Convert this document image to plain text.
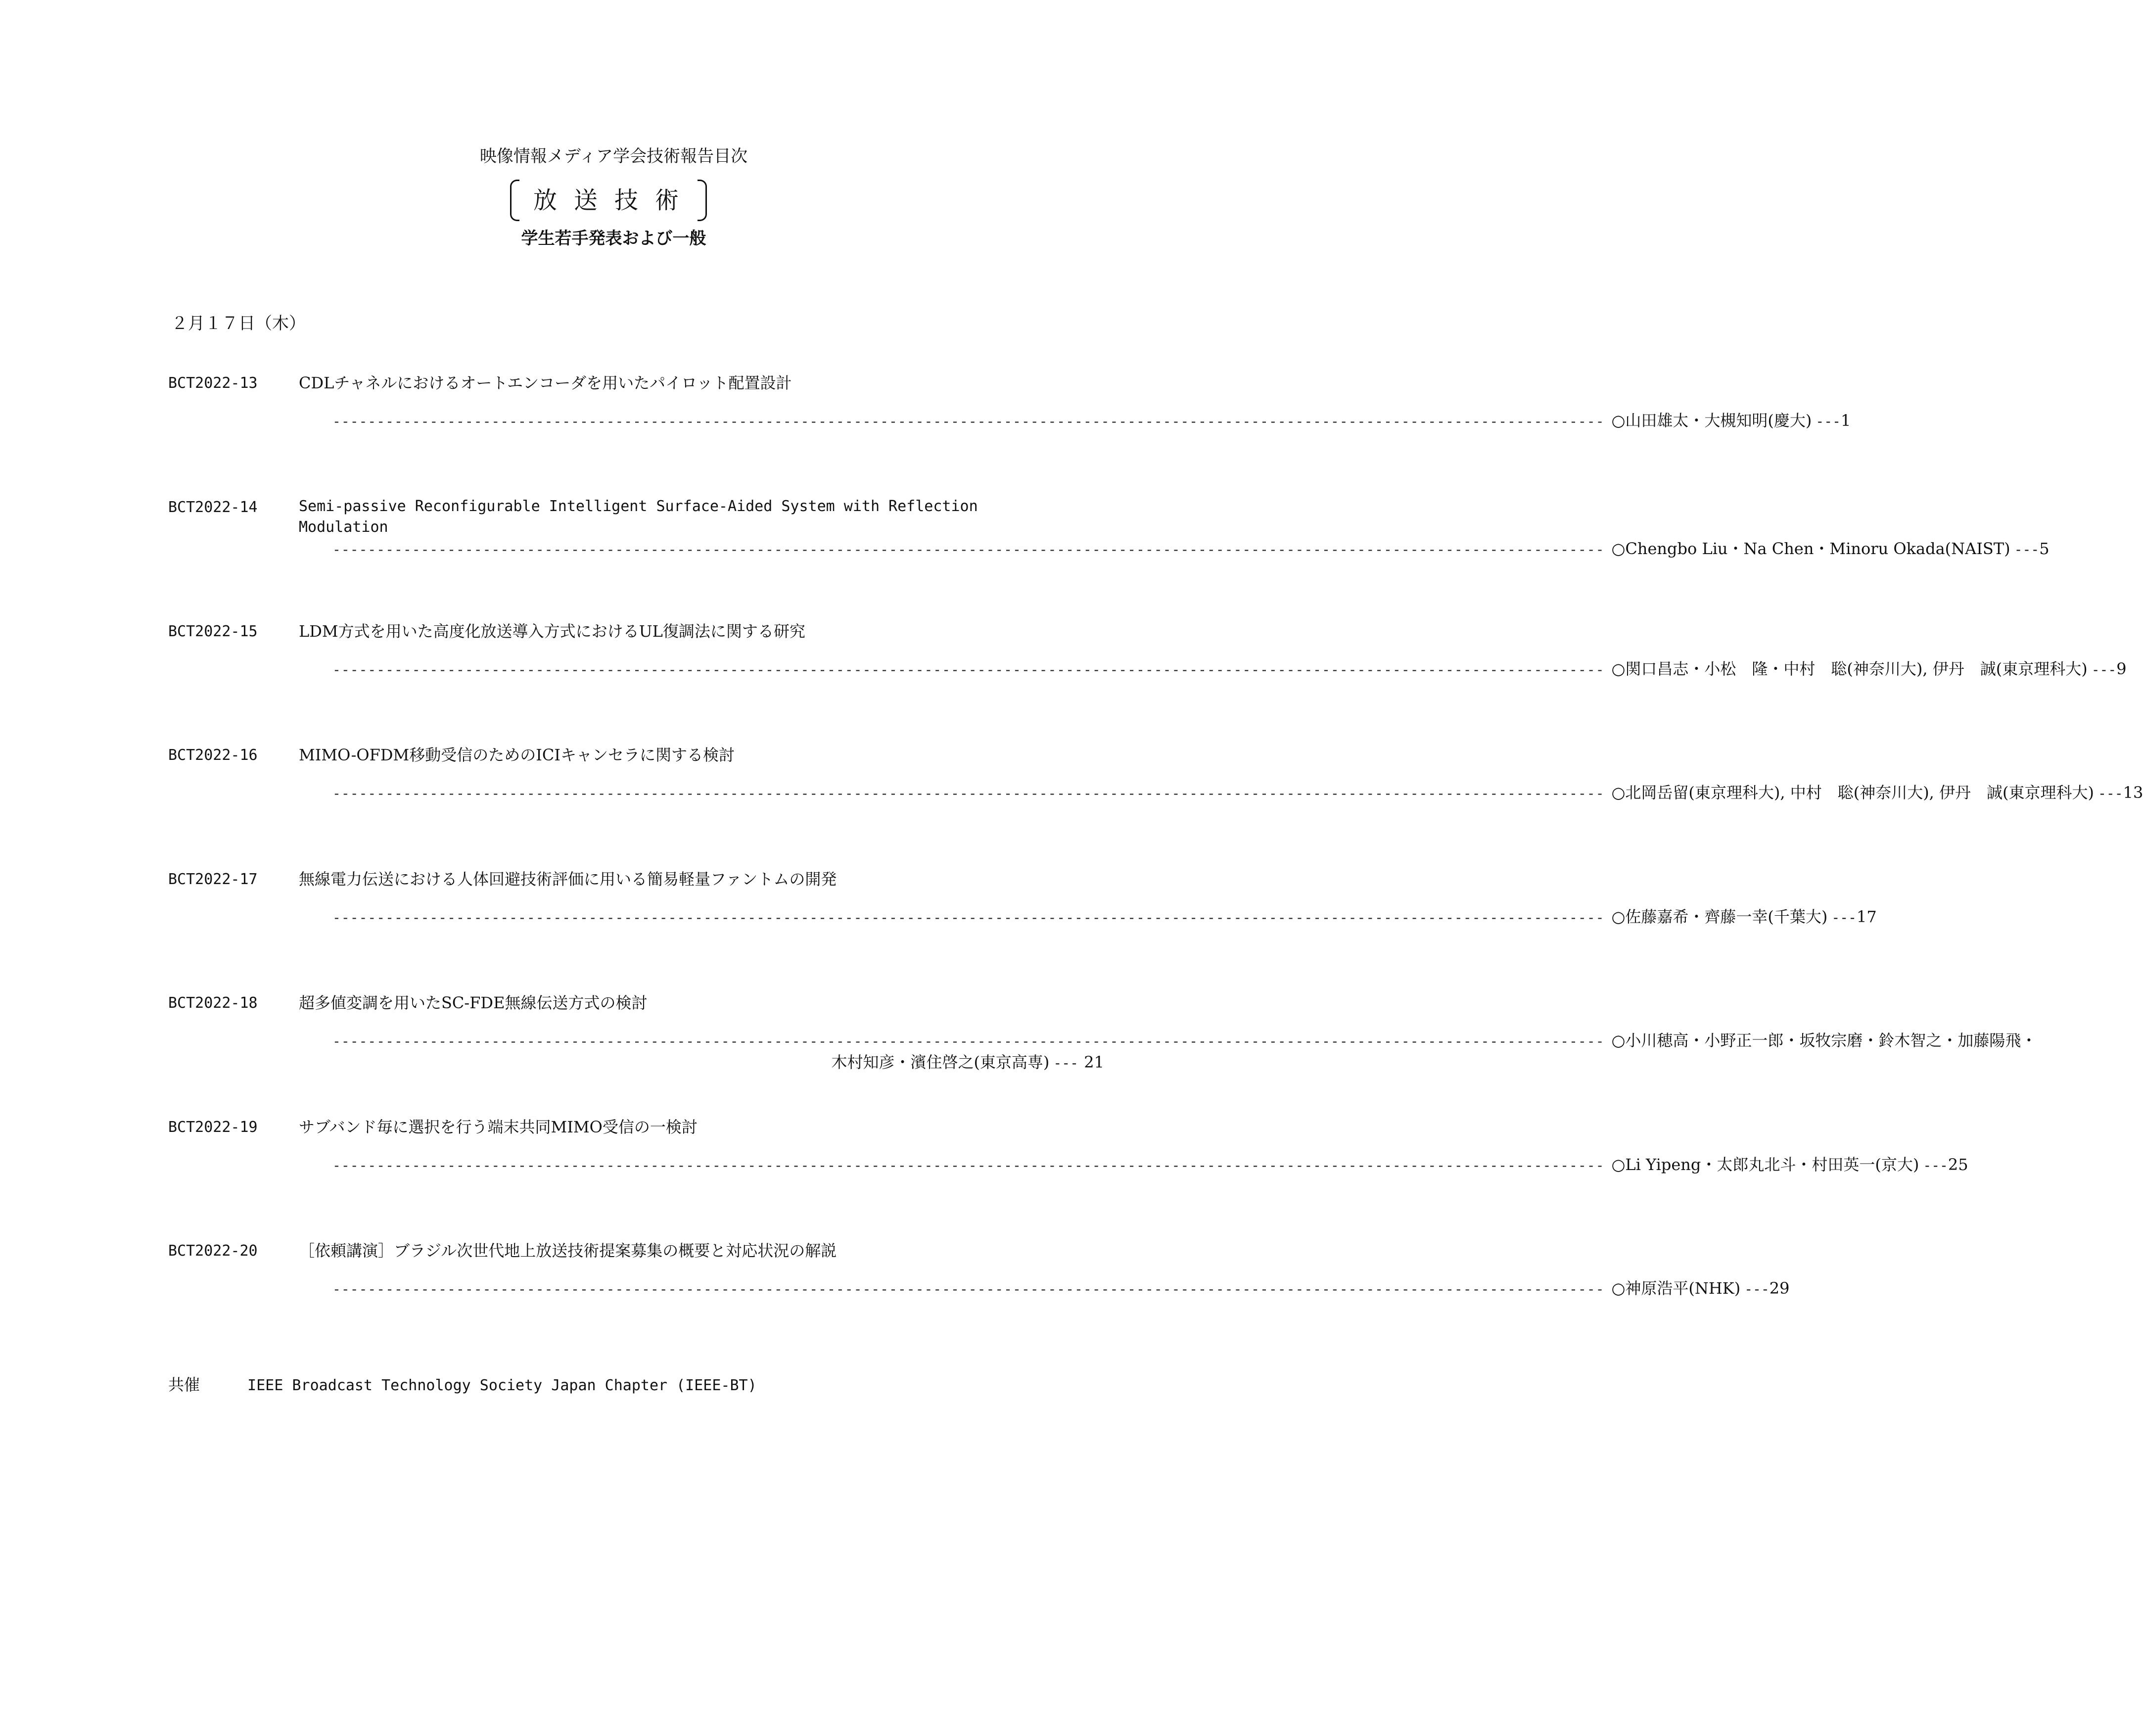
映像情報メディア学会技術報告目次
放送技術
学生若手発表および一般
２月１７日（木）
BCT2022-13	CDLチャネルにおけるオートエンコーダを用いたパイロット配置設計
------------------------------------------------------------------------------------------------------------------------------------------------ ○山田雄太・大槻知明(慶大) --- 1
BCT2022-14	Semi-passive Reconfigurable Intelligent Surface-Aided System with Reflection Modulation
------------------------------------------------------------------------------------------------------------------------------------------------ ○Chengbo Liu・Na Chen・Minoru Okada(NAIST) --- 5
BCT2022-15	LDM方式を用いた高度化放送導入方式におけるUL復調法に関する研究
------------------------------------------------------------------------------------------------------------------------------------------------ ○関口昌志・小松　隆・中村　聡(神奈川大), 伊丹　誠(東京理科大) --- 9
BCT2022-16	MIMO-OFDM移動受信のためのICIキャンセラに関する検討
------------------------------------------------------------------------------------------------------------------------------------------------ ○北岡岳留(東京理科大), 中村　聡(神奈川大), 伊丹　誠(東京理科大) --- 13
BCT2022-17	無線電力伝送における人体回避技術評価に用いる簡易軽量ファントムの開発
------------------------------------------------------------------------------------------------------------------------------------------------ ○佐藤嘉希・齊藤一幸(千葉大) --- 17
BCT2022-18	超多値変調を用いたSC-FDE無線伝送方式の検討
------------------------------------------------------------------------------------------------------------------------------------------------ ○小川穂高・小野正一郎・坂牧宗磨・鈴木智之・加藤陽飛・
木村知彦・濱住啓之(東京高専) --- 21
BCT2022-19	サブバンド毎に選択を行う端末共同MIMO受信の一検討
------------------------------------------------------------------------------------------------------------------------------------------------ ○Li Yipeng・太郎丸北斗・村田英一(京大) --- 25
BCT2022-20	［依頼講演］ブラジル次世代地上放送技術提案募集の概要と対応状況の解説
------------------------------------------------------------------------------------------------------------------------------------------------ ○神原浩平(NHK) --- 29
共催	IEEE Broadcast Technology Society Japan Chapter (IEEE-BT)
